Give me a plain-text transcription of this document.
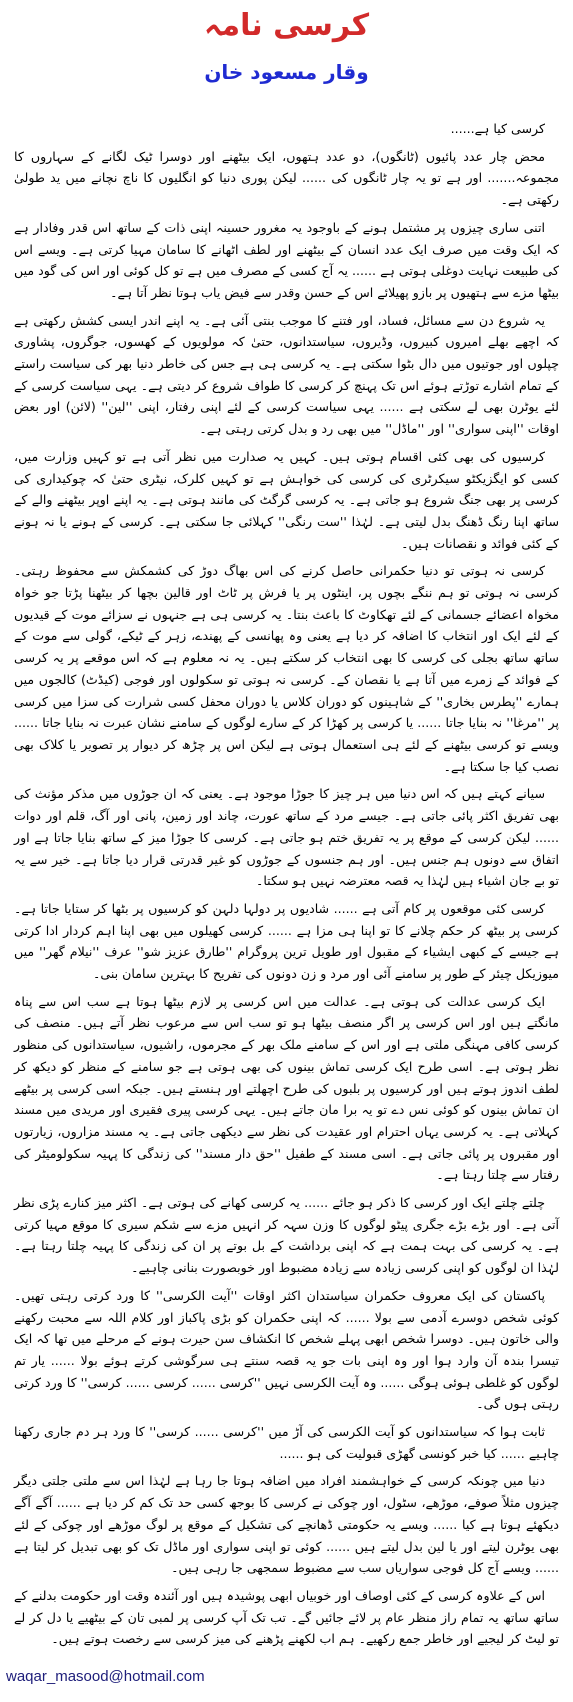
کرسی نامہ
وقار مسعود خان

کرسی کیا ہے......

محض چار عدد پائیوں (ٹانگوں)، دو عدد ہتھوں، ایک بیٹھنے اور دوسرا ٹیک لگانے کے سہاروں کا مجموعہ....... اور ہے تو یہ چار ٹانگوں کی ...... لیکن پوری دنیا کو انگلیوں کا ناچ نچانے میں ید طولیٰ رکھتی ہے۔

اتنی ساری چیزوں پر مشتمل ہونے کے باوجود یہ مغرور حسینہ اپنی ذات کے ساتھ اس قدر وفادار ہے کہ ایک وقت میں صرف ایک عدد انسان کے بیٹھنے اور لطف اٹھانے کا سامان مہیا کرتی ہے۔ ویسے اس کی طبیعت نہایت دوغلی ہوتی ہے ...... یہ آج کسی کے مصرف میں ہے تو کل کوئی اور اس کی گود میں بیٹھا مزے سے ہتھیوں پر بازو پھیلائے اس کے حسن وقدر سے فیض یاب ہوتا نظر آتا ہے۔

یہ شروع دن سے مسائل، فساد، اور فتنے کا موجب بنتی آئی ہے۔ یہ اپنے اندر ایسی کشش رکھتی ہے کہ اچھے بھلے امیروں کبیروں، وڈیروں، سیاستدانوں، حتیٰ کہ مولویوں کے کھسوں، جوگروں، پشاوری چپلوں اور جوتیوں میں دال بٹوا سکتی ہے۔ یہ کرسی ہی ہے جس کی خاطر دنیا بھر کی سیاست راستے کے تمام اشارے توڑتے ہوئے اس تک پہنچ کر کرسی کا طواف شروع کر دیتی ہے۔ یہی سیاست کرسی کے لئے یوٹرن بھی لے سکتی ہے ...... یہی سیاست کرسی کے لئے اپنی رفتار، اپنی ''لین'' (لائن) اور بعض اوقات ''اپنی سواری'' اور ''ماڈل'' میں بھی رد و بدل کرتی رہتی ہے۔

کرسیوں کی بھی کئی اقسام ہوتی ہیں۔ کہیں یہ صدارت میں نظر آتی ہے تو کہیں وزارت میں، کسی کو ایگزیکٹو سیکرٹری کی کرسی کی خواہش ہے تو کہیں کلرک، نیٹری حتیٰ کہ چوکیداری کی کرسی پر بھی جنگ شروع ہو جاتی ہے۔ یہ کرسی گرگٹ کی مانند ہوتی ہے۔ یہ اپنے اوپر بیٹھنے والے کے ساتھ اپنا رنگ ڈھنگ بدل لیتی ہے۔ لہٰذا ''ست رنگی'' کہلائی جا سکتی ہے۔ کرسی کے ہونے یا نہ ہونے کے کئی فوائد و نقصانات ہیں۔

کرسی نہ ہوتی تو دنیا حکمرانی حاصل کرنے کی اس بھاگ دوڑ کی کشمکش سے محفوظ رہتی۔ کرسی نہ ہوتی تو ہم ننگے بچوں پر، اینٹوں پر یا فرش پر ٹاٹ اور قالین بچھا کر بیٹھنا پڑتا جو خواہ مخواہ اعضائے جسمانی کے لئے تھکاوٹ کا باعث بنتا۔ یہ کرسی ہی ہے جنہوں نے سزائے موت کے قیدیوں کے لئے ایک اور انتخاب کا اضافہ کر دیا ہے یعنی وہ پھانسی کے پھندے، زہر کے ٹیکے، گولی سے موت کے ساتھ ساتھ بجلی کی کرسی کا بھی انتخاب کر سکتے ہیں۔ یہ نہ معلوم ہے کہ اس موقعے پر یہ کرسی کے فوائد کے زمرے میں آتا ہے یا نقصان کے۔ کرسی نہ ہوتی تو سکولوں اور فوجی (کیڈٹ) کالجوں میں ہمارے ''پطرس بخاری'' کے شاہینوں کو دوران کلاس یا دوران محفل کسی شرارت کی سزا میں کرسی پر ''مرغا'' نہ بنایا جاتا ...... یا کرسی پر کھڑا کر کے سارے لوگوں کے سامنے نشان عبرت نہ بنایا جاتا ...... ویسے تو کرسی بیٹھنے کے لئے ہی استعمال ہوتی ہے لیکن اس پر چڑھ کر دیوار پر تصویر یا کلاک بھی نصب کیا جا سکتا ہے۔

سیانے کہتے ہیں کہ اس دنیا میں ہر چیز کا جوڑا موجود ہے۔ یعنی کہ ان جوڑوں میں مذکر مؤنث کی بھی تفریق اکثر پائی جاتی ہے۔ جیسے مرد کے ساتھ عورت، چاند اور زمین، پانی اور آگ، قلم اور دوات ...... لیکن کرسی کے موقع پر یہ تفریق ختم ہو جاتی ہے۔ کرسی کا جوڑا میز کے ساتھ بنایا جاتا ہے اور اتفاق سے دونوں ہم جنس ہیں۔ اور ہم جنسوں کے جوڑوں کو غیر قدرتی قرار دیا جاتا ہے۔ خیر سے یہ تو بے جان اشیاء ہیں لہٰذا یہ قصہ معترضہ نہیں ہو سکتا۔

کرسی کئی موقعوں پر کام آتی ہے ...... شادیوں پر دولہا دلہن کو کرسیوں پر بٹھا کر ستایا جاتا ہے۔ کرسی پر بیٹھ کر حکم چلانے کا تو اپنا ہی مزا ہے ...... کرسی کھیلوں میں بھی اپنا اہم کردار ادا کرتی ہے جیسے کے کبھی ایشیاء کے مقبول اور طویل ترین پروگرام ''طارق عزیز شو'' عرف ''نیلام گھر'' میں میوزیکل چیئر کے طور پر سامنے آئی اور مرد و زن دونوں کی تفریح کا بہترین سامان بنی۔

ایک کرسی عدالت کی ہوتی ہے۔ عدالت میں اس کرسی پر لازم بیٹھا ہوتا ہے سب اس سے پناہ مانگتے ہیں اور اس کرسی پر اگر منصف بیٹھا ہو تو سب اس سے مرعوب نظر آتے ہیں۔ منصف کی کرسی کافی مہنگی ملتی ہے اور اس کے سامنے ملک بھر کے مجرموں، راشیوں، سیاستدانوں کی منظور نظر ہوتی ہے۔ اسی طرح ایک کرسی تماش بینوں کی بھی ہوتی ہے جو سامنے کے منظر کو دیکھ کر لطف اندوز ہوتے ہیں اور کرسیوں پر بلبوں کی طرح اچھلتے اور ہنستے ہیں۔ جبکہ اسی کرسی پر بیٹھے ان تماش بینوں کو کوئی نس دے تو یہ برا مان جاتے ہیں۔ یہی کرسی پیری فقیری اور مریدی میں مسند کہلاتی ہے۔ یہ کرسی یہاں احترام اور عقیدت کی نظر سے دیکھی جاتی ہے۔ یہ مسند مزاروں، زیارتوں اور مقبروں پر پائی جاتی ہے۔ اسی مسند کے طفیل ''حق دار مسند'' کی زندگی کا پہیہ سکولومیٹر کی رفتار سے چلتا رہتا ہے۔

چلتے چلتے ایک اور کرسی کا ذکر ہو جائے ...... یہ کرسی کھانے کی ہوتی ہے۔ اکثر میز کنارے پڑی نظر آتی ہے۔ اور بڑے بڑے جگری پیٹو لوگوں کا وزن سہہ کر انہیں مزے سے شکم سیری کا موقع مہیا کرتی ہے۔ یہ کرسی کی بہت ہمت ہے کہ اپنی برداشت کے بل بوتے پر ان کی زندگی کا پہیہ چلتا رہتا ہے۔ لہٰذا ان لوگوں کو اپنی کرسی زیادہ سے زیادہ مضبوط اور خوبصورت بنانی چاہیے۔

پاکستان کی ایک معروف حکمران سیاستدان اکثر اوقات ''آیت الکرسی'' کا ورد کرتی رہتی تھیں۔ کوئی شخص دوسرے آدمی سے بولا ...... کہ اپنی حکمران کو بڑی پاکباز اور کلام اللہ سے محبت رکھنے والی خاتون ہیں۔ دوسرا شخص ابھی پہلے شخص کا انکشاف سن حیرت ہونے کے مرحلے میں تھا کہ ایک تیسرا بندہ آن وارد ہوا اور وہ اپنی بات جو یہ قصہ سنتے ہی سرگوشی کرتے ہوئے بولا ...... یار تم لوگوں کو غلطی ہوئی ہوگی ...... وہ آیت الکرسی نہیں ''کرسی ...... کرسی ...... کرسی'' کا ورد کرتی رہتی ہوں گی۔

ثابت ہوا کہ سیاستدانوں کو آیت الکرسی کی آڑ میں ''کرسی ...... کرسی'' کا ورد ہر دم جاری رکھنا چاہیے ...... کیا خبر کونسی گھڑی قبولیت کی ہو ......

دنیا میں چونکہ کرسی کے خواہشمند افراد میں اضافہ ہوتا جا رہا ہے لہٰذا اس سے ملتی جلتی دیگر چیزوں مثلاً صوفے، موڑھے، سٹول، اور چوکی نے کرسی کا بوجھ کسی حد تک کم کر دیا ہے ...... آگے آگے دیکھئے ہوتا ہے کیا ...... ویسے یہ حکومتی ڈھانچے کی تشکیل کے موقع پر لوگ موڑھے اور چوکی کے لئے بھی یوٹرن لیتے اور یا لین بدل لیتے ہیں ...... کوئی تو اپنی سواری اور ماڈل تک کو بھی تبدیل کر لیتا ہے ...... ویسے آج کل فوجی سواریاں سب سے مضبوط سمجھی جا رہی ہیں۔

اس کے علاوہ کرسی کے کئی اوصاف اور خوبیاں ابھی پوشیدہ ہیں اور آئندہ وقت اور حکومت بدلنے کے ساتھ ساتھ یہ تمام راز منظر عام پر لائے جائیں گے۔ تب تک آپ کرسی پر لمبی تان کے بیٹھیے یا دل کر لے تو لیٹ کر لیجیے اور خاطر جمع رکھیے۔ ہم اب لکھنے پڑھنے کی میز کرسی سے رخصت ہوتے ہیں۔

waqar_masood@hotmail.com
